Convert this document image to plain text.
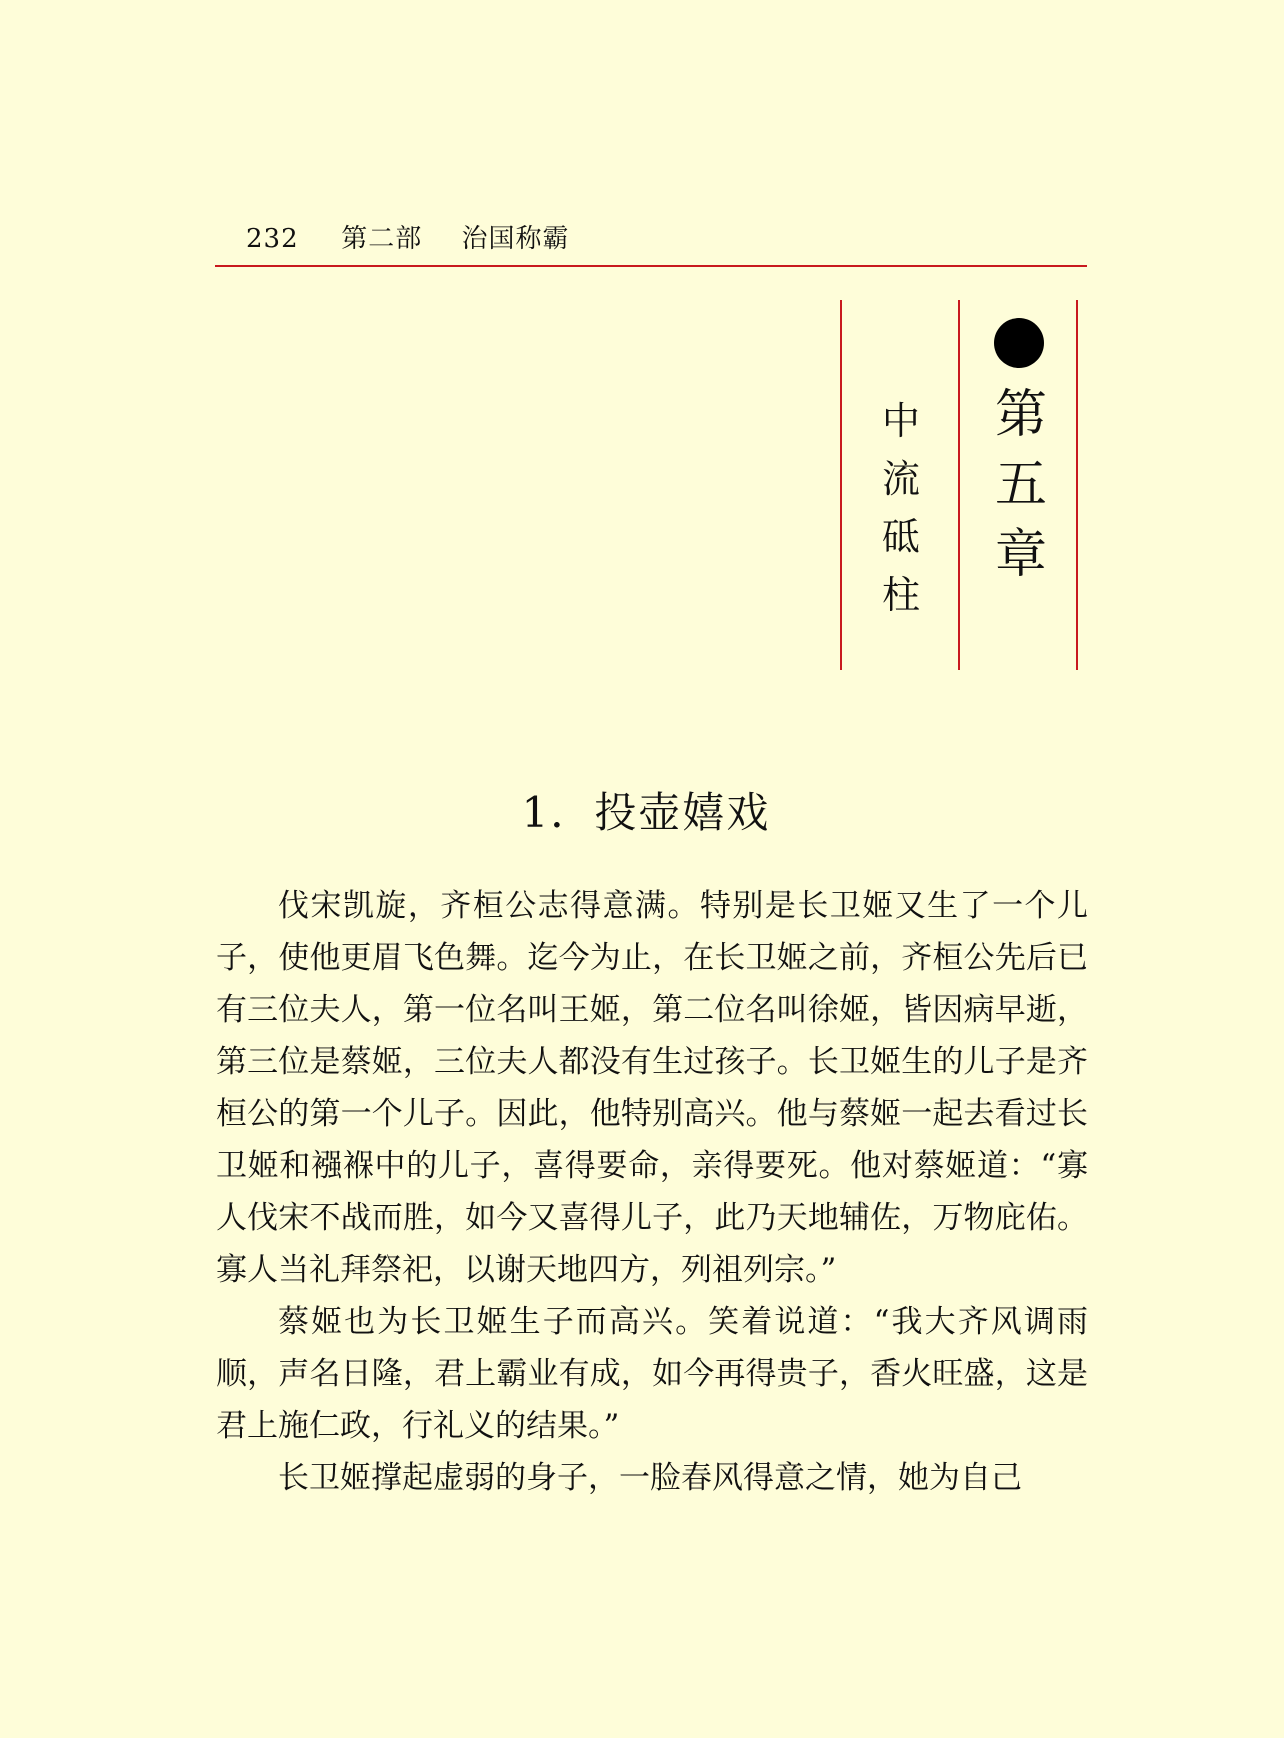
232 第二部 治国称霸
第五章
中流砥柱
1．投壶嬉戏

伐宋凯旋，齐桓公志得意满。特别是长卫姬又生了一个儿子，使他更眉飞色舞。迄今为止，在长卫姬之前，齐桓公先后已有三位夫人，第一位名叫王姬，第二位名叫徐姬，皆因病早逝，第三位是蔡姬，三位夫人都没有生过孩子。长卫姬生的儿子是齐桓公的第一个儿子。因此，他特别高兴。他与蔡姬一起去看过长卫姬和襁褓中的儿子，喜得要命，亲得要死。他对蔡姬道：“寡人伐宋不战而胜，如今又喜得儿子，此乃天地辅佐，万物庇佑。寡人当礼拜祭祀，以谢天地四方，列祖列宗。”

蔡姬也为长卫姬生子而高兴。笑着说道：“我大齐风调雨顺，声名日隆，君上霸业有成，如今再得贵子，香火旺盛，这是君上施仁政，行礼义的结果。”

长卫姬撑起虚弱的身子，一脸春风得意之情，她为自己
